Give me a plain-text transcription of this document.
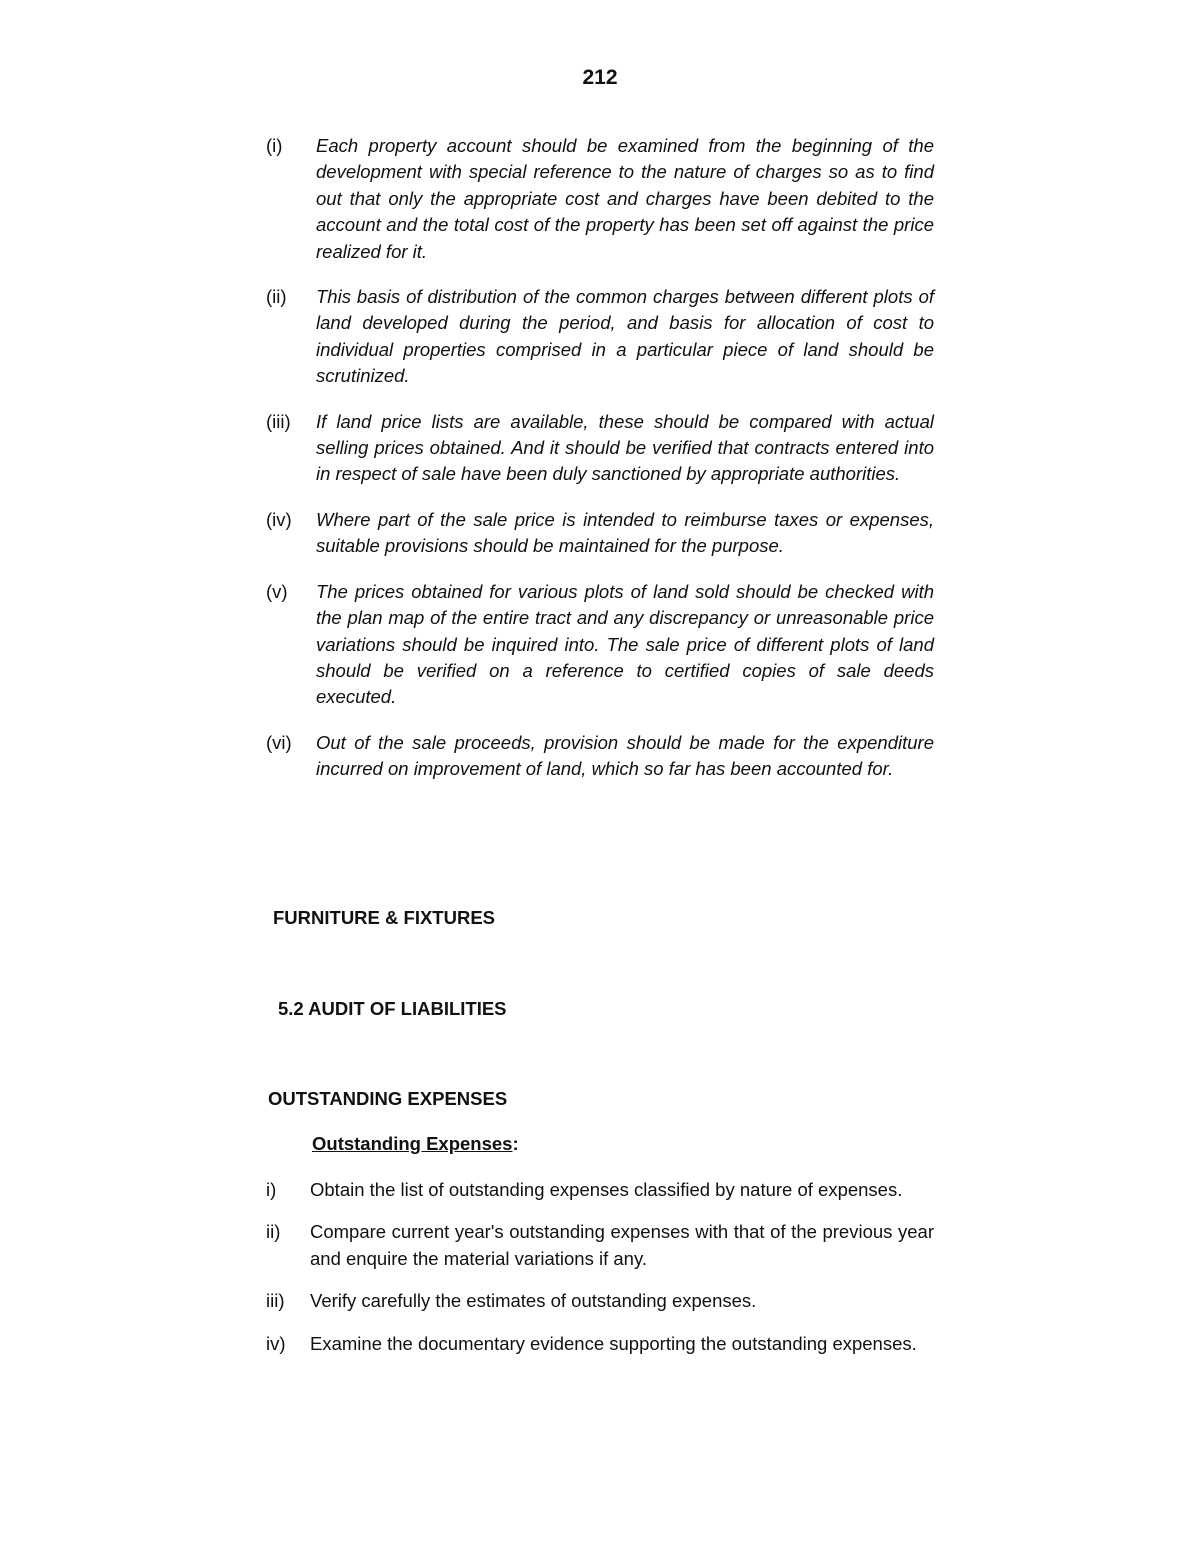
212
(i)	Each property account should be examined from the beginning of the development with special reference to the nature of charges so as to find out that only the appropriate cost and charges have been debited to the account and the total cost of the property has been set off against the price realized for it.
(ii)	This basis of distribution of the common charges between different plots of land developed during the period, and basis for allocation of cost to individual properties comprised in a particular piece of land should be scrutinized.
(iii)	If land price lists are available, these should be compared with actual selling prices obtained. And it should be verified that contracts entered into in respect of sale have been duly sanctioned by appropriate authorities.
(iv)	Where part of the sale price is intended to reimburse taxes or expenses, suitable provisions should be maintained for the purpose.
(v)	The prices obtained for various plots of land sold should be checked with the plan map of the entire tract and any discrepancy or unreasonable price variations should be inquired into. The sale price of different plots of land should be verified on a reference to certified copies of sale deeds executed.
(vi)	Out of the sale proceeds, provision should be made for the expenditure incurred on improvement of land, which so far has been accounted for.
FURNITURE & FIXTURES
5.2 AUDIT OF LIABILITIES
OUTSTANDING EXPENSES
Outstanding Expenses:
i)	Obtain the list of outstanding expenses classified by nature of expenses.
ii)	Compare current year's outstanding expenses with that of the previous year and enquire the material variations if any.
iii)	Verify carefully the estimates of outstanding expenses.
iv)	Examine the documentary evidence supporting the outstanding expenses.
